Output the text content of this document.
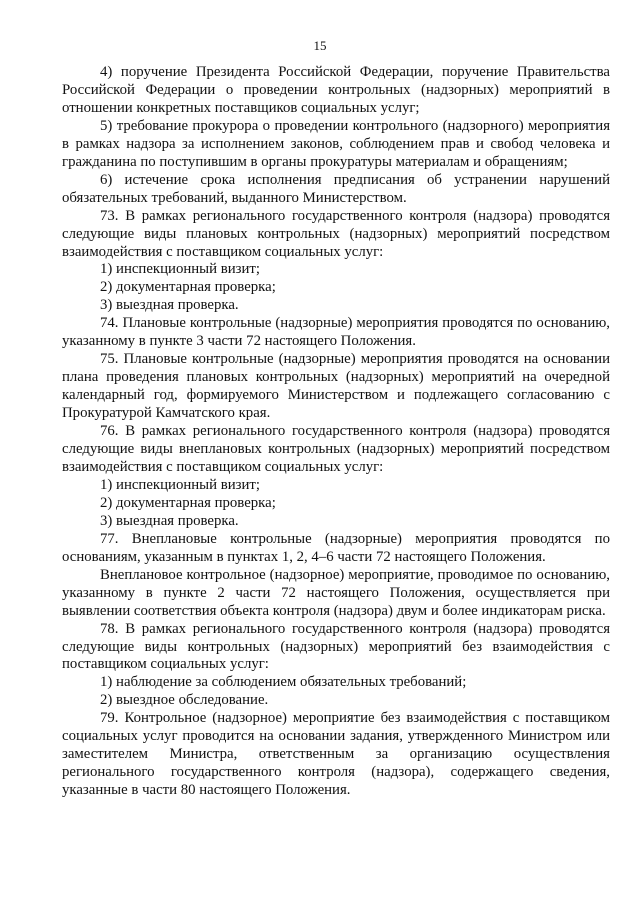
15

4) поручение Президента Российской Федерации, поручение Правительства Российской Федерации о проведении контрольных (надзорных) мероприятий в отношении конкретных поставщиков социальных услуг;

5) требование прокурора о проведении контрольного (надзорного) мероприятия в рамках надзора за исполнением законов, соблюдением прав и свобод человека и гражданина по поступившим в органы прокуратуры материалам и обращениям;

6) истечение срока исполнения предписания об устранении нарушений обязательных требований, выданного Министерством.

73. В рамках регионального государственного контроля (надзора) проводятся следующие виды плановых контрольных (надзорных) мероприятий посредством взаимодействия с поставщиком социальных услуг:

1) инспекционный визит;

2) документарная проверка;

3) выездная проверка.

74. Плановые контрольные (надзорные) мероприятия проводятся по основанию, указанному в пункте 3 части 72 настоящего Положения.

75. Плановые контрольные (надзорные) мероприятия проводятся на основании плана проведения плановых контрольных (надзорных) мероприятий на очередной календарный год, формируемого Министерством и подлежащего согласованию с Прокуратурой Камчатского края.

76. В рамках регионального государственного контроля (надзора) проводятся следующие виды внеплановых контрольных (надзорных) мероприятий посредством взаимодействия с поставщиком социальных услуг:

1) инспекционный визит;

2) документарная проверка;

3) выездная проверка.

77. Внеплановые контрольные (надзорные) мероприятия проводятся по основаниям, указанным в пунктах 1, 2, 4–6 части 72 настоящего Положения.

Внеплановое контрольное (надзорное) мероприятие, проводимое по основанию, указанному в пункте 2 части 72 настоящего Положения, осуществляется при выявлении соответствия объекта контроля (надзора) двум и более индикаторам риска.

78. В рамках регионального государственного контроля (надзора) проводятся следующие виды контрольных (надзорных) мероприятий без взаимодействия с поставщиком социальных услуг:

1) наблюдение за соблюдением обязательных требований;

2) выездное обследование.

79. Контрольное (надзорное) мероприятие без взаимодействия с поставщиком социальных услуг проводится на основании задания, утвержденного Министром или заместителем Министра, ответственным за организацию осуществления регионального государственного контроля (надзора), содержащего сведения, указанные в части 80 настоящего Положения.
